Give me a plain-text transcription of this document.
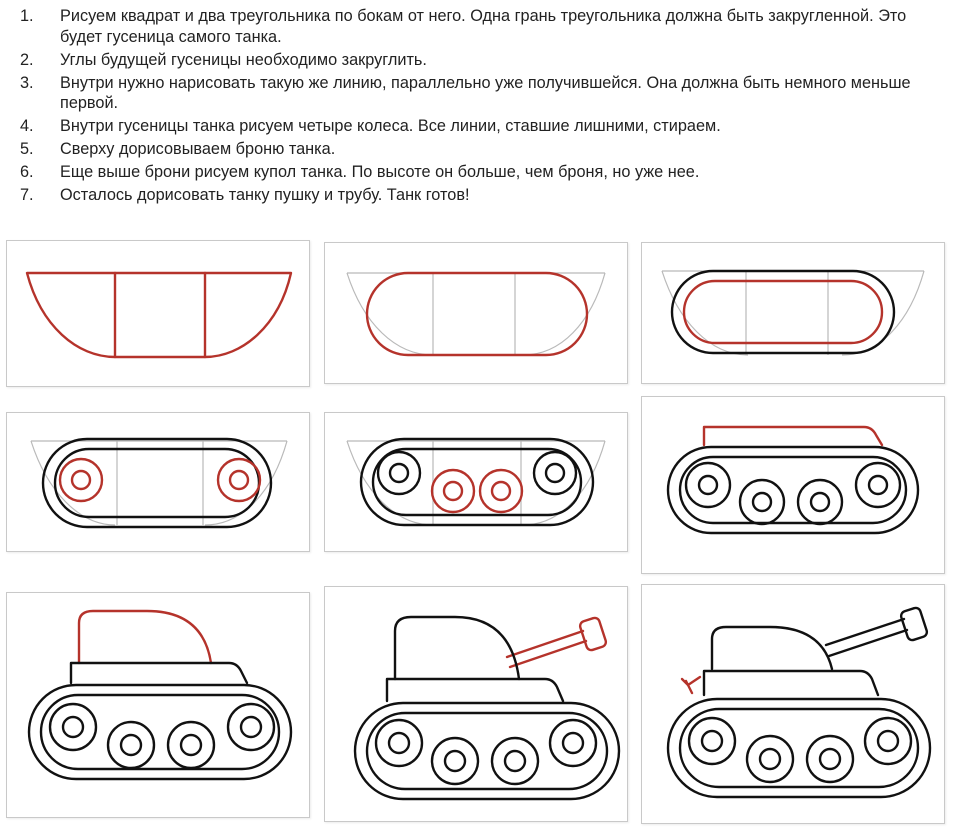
1.	Рисуем квадрат и два треугольника по бокам от него. Одна грань треугольника должна быть закругленной. Это будет гусеница самого танка.
2.	Углы будущей гусеницы необходимо закруглить.
3.	Внутри нужно нарисовать такую же линию, параллельно уже получившейся. Она должна быть немного меньше первой.
4.	Внутри гусеницы танка рисуем четыре колеса. Все линии, ставшие лишними, стираем.
5.	Сверху дорисовываем броню танка.
6.	Еще выше брони рисуем купол танка. По высоте он больше, чем броня, но уже нее.
7.	Осталось дорисовать танку пушку и трубу. Танк готов!
